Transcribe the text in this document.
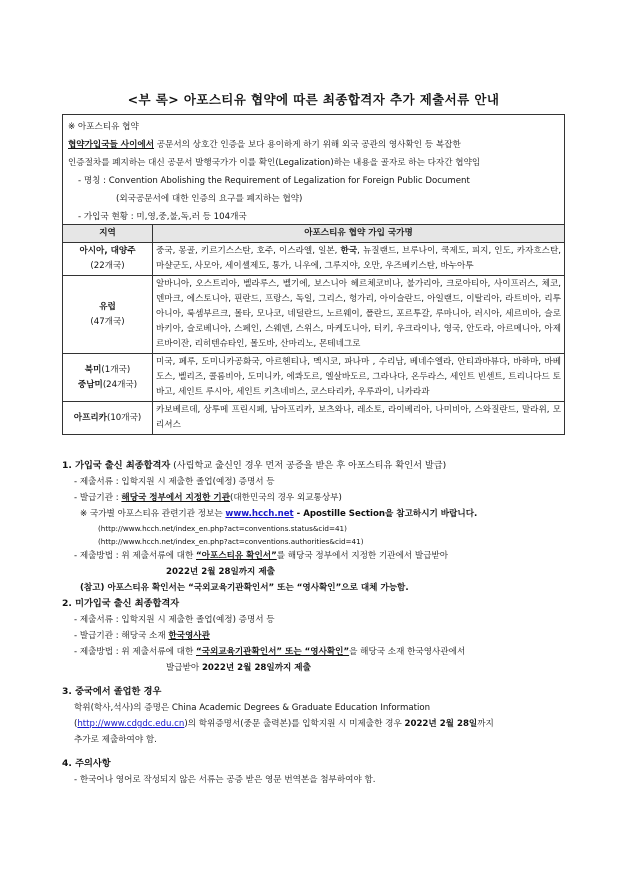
<부 록> 아포스티유 협약에 따른 최종합격자 추가 제출서류 안내
※ 아포스티유 협약
협약가입국들 사이에서 공문서의 상호간 인증을 보다 용이하게 하기 위해 외국 공관의 영사확인 등 복잡한
인증절차를 폐지하는 대신 공문서 발행국가가 이를 확인(Legalization)하는 내용을 골자로 하는 다자간 협약임
- 명칭 : Convention Abolishing the Requirement of Legalization for Foreign Public Document
(외국공문서에 대한 인증의 요구를 폐지하는 협약)
- 가입국 현황 : 미,영,중,불,독,러 등 104개국
지역	아포스티유 협약 가입 국가명

아시아, 대양주
(22개국)	중국, 몽골, 키르기스스탄, 호주, 이스라엘, 일본, 한국, 뉴질랜드, 브루나이, 쿡제도, 피지, 인도, 카자흐스탄, 마샬군도, 사모아, 세이셸제도, 통가, 니우에, 그루지야, 오만, 우즈베키스탄, 바누아투

유럽
(47개국)	알바니아, 오스트리아, 벨라루스, 벨기에, 보스니아 헤르체코비나, 불가리아, 크로아티아, 사이프러스, 체코, 덴마크, 에스토니아, 핀란드, 프랑스, 독일, 그리스, 헝가리, 아이슬란드, 아일랜드, 이탈리아, 라트비아, 리투아니아, 룩셈부르크, 몰타, 모나코, 네덜란드, 노르웨이, 폴란드, 포르투갈, 루마니아, 러시아, 세르비아, 슬로바키아, 슬로베니아, 스페인, 스웨덴, 스위스, 마케도니아, 터키, 우크라이나, 영국, 안도라, 아르메니아, 아제르바이잔, 리히텐슈타인, 몰도바, 산마리노, 몬테네그로

북미(1개국)
중남미(24개국)	미국, 페루, 도미니카공화국, 아르헨티나, 멕시코, 파나마 , 수리남, 베네수엘라, 안티과바뷰다, 바하마, 바베도스, 벨리즈, 콜롬비아, 도미니카, 에콰도르, 엘살바도르, 그라나다, 온두라스, 세인트 빈센트, 트리니다드 토바고, 세인트 루시아, 세인트 키츠네비스, 코스타리카, 우루과이, 니카라과
아프리카(10개국)	카보베르데, 상투메 프린시페, 남아프리카, 보츠와나, 레소토, 라이베리아, 나미비아, 스와질란드, 말라위, 모리셔스
1. 가입국 출신 최종합격자 (사립학교 출신인 경우 먼저 공증을 받은 후 아포스티유 확인서 발급)
- 제출서류 : 입학지원 시 제출한 졸업(예정) 증명서 등
- 발급기관 : 해당국 정부에서 지정한 기관(대한민국의 경우 외교통상부)
※ 국가별 아포스티유 관련기관 정보는 www.hcch.net - Apostille Section을 참고하시기 바랍니다.
(http://www.hcch.net/index_en.php?act=conventions.status&cid=41)
(http://www.hcch.net/index_en.php?act=conventions.authorities&cid=41)
- 제출방법 : 위 제출서류에 대한 “아포스티유 확인서”를 해당국 정부에서 지정한 기관에서 발급받아
2022년 2월 28일까지 제출
(참고) 아포스티유 확인서는 “국외교육기관확인서” 또는 “영사확인”으로 대체 가능함.
2. 미가입국 출신 최종합격자
- 제출서류 : 입학지원 시 제출한 졸업(예정) 증명서 등
- 발급기관 : 해당국 소재 한국영사관
- 제출방법 : 위 제출서류에 대한 “국외교육기관확인서” 또는 “영사확인”을 해당국 소재 한국영사관에서
발급받아 2022년 2월 28일까지 제출
3. 중국에서 졸업한 경우
학위(학사,석사)의 증명은 China Academic Degrees & Graduate Education Information
(http://www.cdgdc.edu.cn)의 학위증명서(중문 출력본)를 입학지원 시 미제출한 경우 2022년 2월 28일까지
추가로 제출하여야 함.
4. 주의사항
- 한국어나 영어로 작성되지 않은 서류는 공증 받은 영문 번역본을 첨부하여야 함.
